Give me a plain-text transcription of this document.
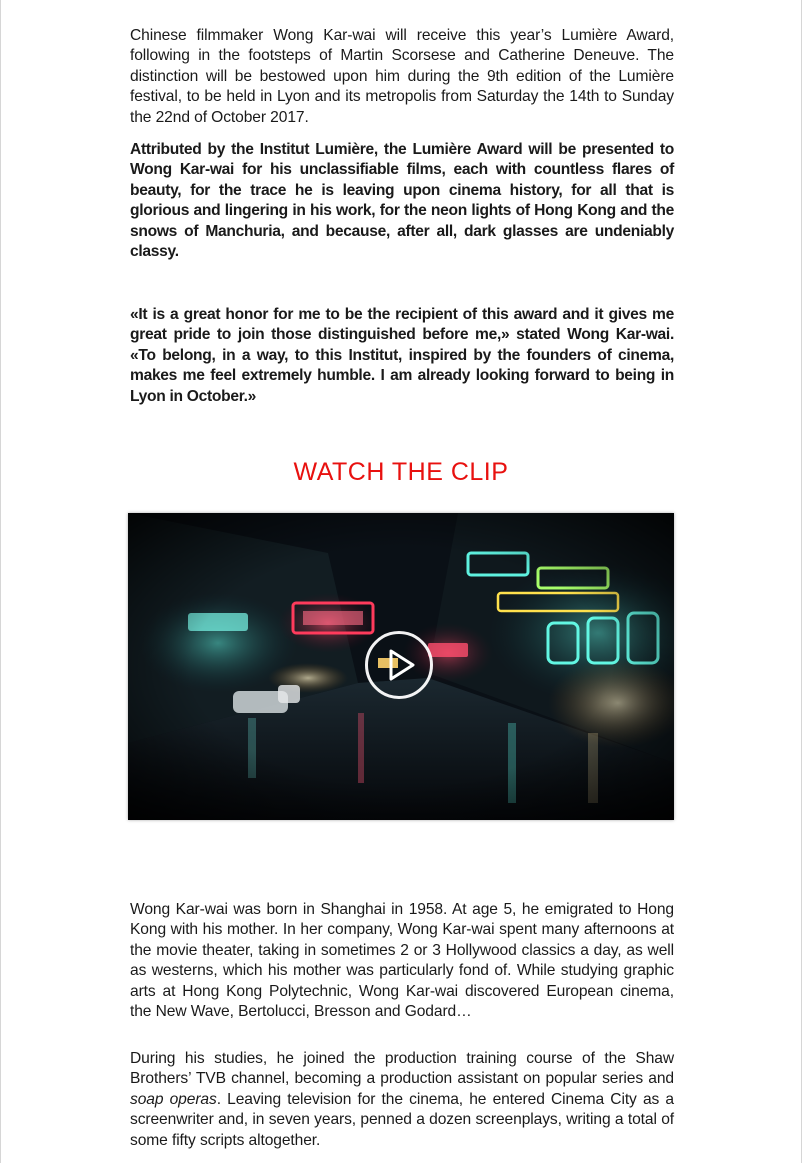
Chinese filmmaker Wong Kar-wai will receive this year’s Lumière Award, following in the footsteps of Martin Scorsese and Catherine Deneuve. The distinction will be bestowed upon him during the 9th edition of the Lumière festival, to be held in Lyon and its metropolis from Saturday the 14th to Sunday the 22nd of October 2017.

Attributed by the Institut Lumière, the Lumière Award will be presented to Wong Kar-wai for his unclassifiable films, each with countless flares of beauty, for the trace he is leaving upon cinema history, for all that is glorious and lingering in his work, for the neon lights of Hong Kong and the snows of Manchuria, and because, after all, dark glasses are undeniably classy.

«It is a great honor for me to be the recipient of this award and it gives me great pride to join those distinguished before me,» stated Wong Kar-wai. «To belong, in a way, to this Institut, inspired by the founders of cinema, makes me feel extremely humble. I am already looking forward to being in Lyon in October.»

WATCH THE CLIP

Wong Kar-wai was born in Shanghai in 1958. At age 5, he emigrated to Hong Kong with his mother. In her company, Wong Kar-wai spent many afternoons at the movie theater, taking in sometimes 2 or 3 Hollywood classics a day, as well as westerns, which his mother was particularly fond of. While studying graphic arts at Hong Kong Polytechnic, Wong Kar-wai discovered European cinema, the New Wave, Bertolucci, Bresson and Godard…

During his studies, he joined the production training course of the Shaw Brothers’ TVB channel, becoming a production assistant on popular series and soap operas. Leaving television for the cinema, he entered Cinema City as a screenwriter and, in seven years, penned a dozen screenplays, writing a total of some fifty scripts altogether.
